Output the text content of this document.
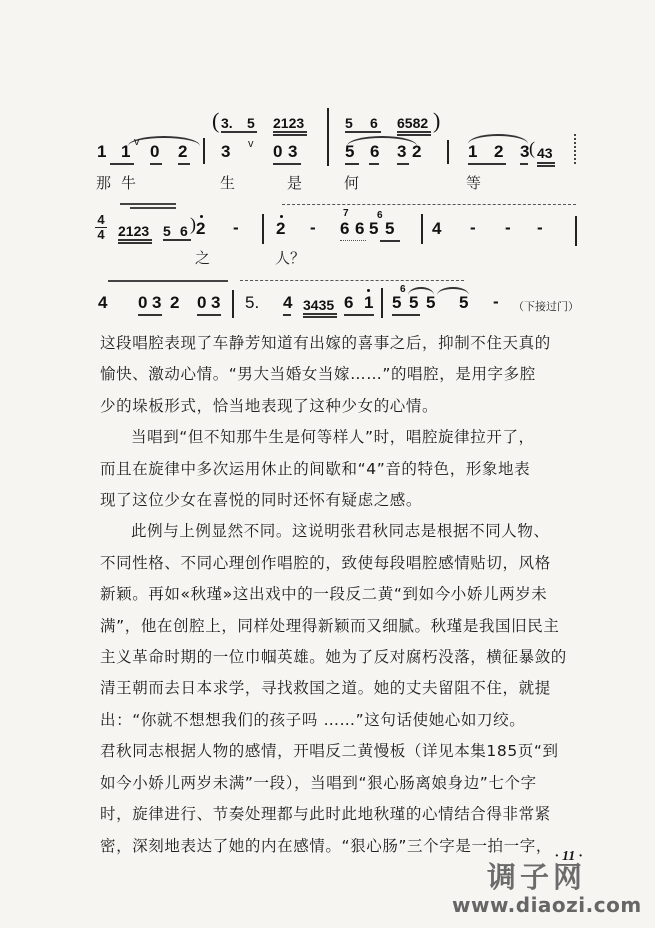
( 3. 5 2123	5 6 6582 )
1 1 v 0 2 3 v 0 3	5 6 3 2	1 2 3 ( 43
那 牛	生	是	何	等
4
4 2123 5 6 ) 2 - 2 -
7
6 6
6
5 5 4 - - -
之	人？
4 0 3 2 0 3 5. 4 3435 6 1
6
5 5 5 5 - （下接过门）

这段唱腔表现了车静芳知道有出嫁的喜事之后，抑制不住天真的
愉快、激动心情。“男大当婚女当嫁……”的唱腔，是用字多腔
少的垛板形式，恰当地表现了这种少女的心情。

当唱到“但不知那牛生是何等样人”时，唱腔旋律拉开了，
而且在旋律中多次运用休止的间歇和“4”音的特色，形象地表
现了这位少女在喜悦的同时还怀有疑虑之感。

此例与上例显然不同。这说明张君秋同志是根据不同人物、
不同性格、不同心理创作唱腔的，致使每段唱腔感情贴切，风格
新颖。再如«秋瑾»这出戏中的一段反二黄“到如今小娇儿两岁未
满”，他在创腔上，同样处理得新颖而又细腻。秋瑾是我国旧民主
主义革命时期的一位巾帼英雄。她为了反对腐朽没落，横征暴敛的
清王朝而去日本求学，寻找救国之道。她的丈夫留阻不住，就提
出：“你就不想想我们的孩子吗 ……”这句话使她心如刀绞。
君秋同志根据人物的感情，开唱反二黄慢板（详见本集185页“到
如今小娇儿两岁未满”一段），当唱到“狠心肠离娘身边”七个字
时，旋律进行、节奏处理都与此时此地秋瑾的心情结合得非常紧
密，深刻地表达了她的内在感情。“狠心肠”三个字是一拍一字，

· 11 ·
调子网
www.diaozi.com
